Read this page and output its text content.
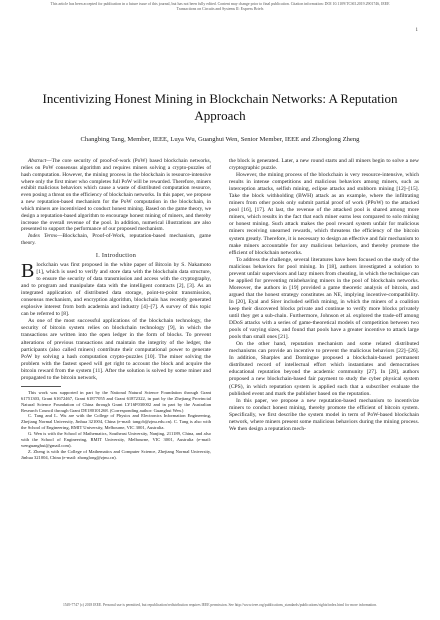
This article has been accepted for publication in a future issue of this journal, but has not been fully edited. Content may change prior to final publication. Citation information: DOI 10.1109/TCSII.2019.2901746, IEEE
Transactions on Circuits and Systems II: Express Briefs
1
Incentivizing Honest Mining in Blockchain Networks: A Reputation Approach
Changbing Tang, Member, IEEE, Luya Wu, Guanghui Wen, Senior Member, IEEE and Zhonglong Zheng

Abstract—The core security of proof-of-work (PoW) based blockchain networks, relies on PoW consensus algorithm and requires miners solving a crypto-puzzles of hash computation. However, the mining process in the blockchain is resource-intensive where only the first miner who completes full PoW will be rewarded. Therefore, miners exhibit malicious behaviors which cause a waste of distributed computation resource, even posing a threat on the efficiency of blockchain networks. In this paper, we propose a new reputation-based mechanism for the PoW computation in the blockchain, in which miners are incentivized to conduct honest mining. Based on the game theory, we design a reputation-based algorithm to encourage honest mining of miners, and thereby increase the overall revenue of the pool. In addition, numerical illustrations are also presented to support the performance of our proposed mechanism.

Index Terms—Blockchain, Proof-of-Work, reputation-based mechanism, game theory.

I. Introduction

Blockchain was first proposed in the white paper of Bitcoin by S. Nakamoto [1], which is used to verify and store data with the blockchain data structure, to ensure the security of data transmission and access with the cryptography, and to program and manipulate data with the intelligent contracts [2], [3]. As an integrated application of distributed data storage, point-to-point transmission, consensus mechanism, and encryption algorithm, blockchain has recently generated explosive interest from both academia and industry [4]–[7]. A survey of this topic can be referred to [8].

As one of the most successful applications of the blockchain technology, the security of bitcoin system relies on blockchain technology [9], in which the transactions are written into the open ledger in the form of blocks. To prevent alterations of previous transactions and maintain the integrity of the ledger, the participants (also called miners) contribute their computational power to generate PoW by solving a hash computation crypto-puzzles [10]. The miner solving the problem with the fastest speed will get right to account the block and acquire the bitcoin reward from the system [11]. After the solution is solved by some miner and propagated to the bitcoin network,

This work was supported in part by the National Natural Science Foundation through Grant 61751303, Grant 61672467, Grant 61877055 and Grant 61872322, in part by the Zhejiang Provincial Natural Science Foundation of China through Grant LY16F030002 and in part by the Australian Research Council through Grant DE180101268. (Corresponding author: Guanghui Wen.)

C. Tang and L. Wu are with the College of Physics and Electronics Information Engineering, Zhejiang Normal University, Jinhua 321004, China (e-mail: tangcb@zjnu.edu.cn). C. Tang is also with the School of Engineering, RMIT University, Melbourne, VIC 3001, Australia.

G. Wen is with the School of Mathematics, Southeast University, Nanjing, 211189, China, and also with the School of Engineering, RMIT University, Melbourne, VIC 3001, Australia (e-mail: wenguanghui@gmail.com).

Z. Zheng is with the College of Mathematics and Computer Science, Zhejiang Normal University, Jinhua 321004, China (e-mail: zhonglong@zjnu.cn).

the block is generated. Later, a new round starts and all miners begin to solve a new cryptographic puzzle.

However, the mining process of the blockchain is very resource-intensive, which results in intense competitions and malicious behaviors among miners, such as interception attacks, selfish mining, eclipse attacks and stubborn mining [12]–[15]. Take the block withholding (BWH) attack as an example, where the infiltrating miners from other pools only submit partial proof of work (PPoW) to the attacked pool [16], [17]. At last, the revenue of the attacked pool is shared among more miners, which results in the fact that each miner earns less compared to solo mining or honest mining. Such attack makes the pool reward system unfair for malicious miners receiving unearned rewards, which threatens the efficiency of the bitcoin system greatly. Therefore, it is necessary to design an effective and fair mechanism to make miners accountable for any malicious behaviors, and thereby promote the efficient of blockchain networks.

To address the challenge, several literatures have been focused on the study of the malicious behaviors for pool mining. In [18], authors investigated a solution to prevent unfair supervisors and lazy miners from cheating, in which the technique can be applied for preventing misbehaving miners in the pool of blockchain networks. Moreover, the authors in [19] provided a game theoretic analysis of bitcoin, and argued that the honest strategy constitutes an NE, implying incentive-compatibility. In [20], Eyal and Sirer included selfish mining, in which the miners of a coalition keep their discovered blocks private and continue to verify more blocks privately until they get a sub-chain. Furthermore, Johnson et al. explored the trade-off among DDoS attacks with a series of game-theoretical models of competition between two pools of varying sizes, and found that pools have a greater incentive to attack large pools than small ones [21].

On the other hand, reputation mechanism and some related distributed mechanisms can provide an incentive to prevent the malicious behaviors [22]–[26]. In addition, Sharples and Domingue proposed a blockchain-based permanent distributed record of intellectual effort which instantiates and democratises educational reputation beyond the academic community [27]. In [28], authors proposed a new blockchain-based fair payment to study the cyber physical system (CPS), in which reputation system is applied such that a subscriber evaluate the published event and mark the publisher based on the reputation.

In this paper, we propose a new reputation-based mechanism to incentivize miners to conduct honest mining, thereby promote the efficient of bitcoin system. Specifically, we first describe the system model in term of PoW-based blockchain network, where miners present some malicious behaviors during the mining process. We then design a reputation mech-

1549-7747 (c) 2018 IEEE. Personal use is permitted, but republication/redistribution requires IEEE permission. See http://www.ieee.org/publications_standards/publications/rights/index.html for more information.
